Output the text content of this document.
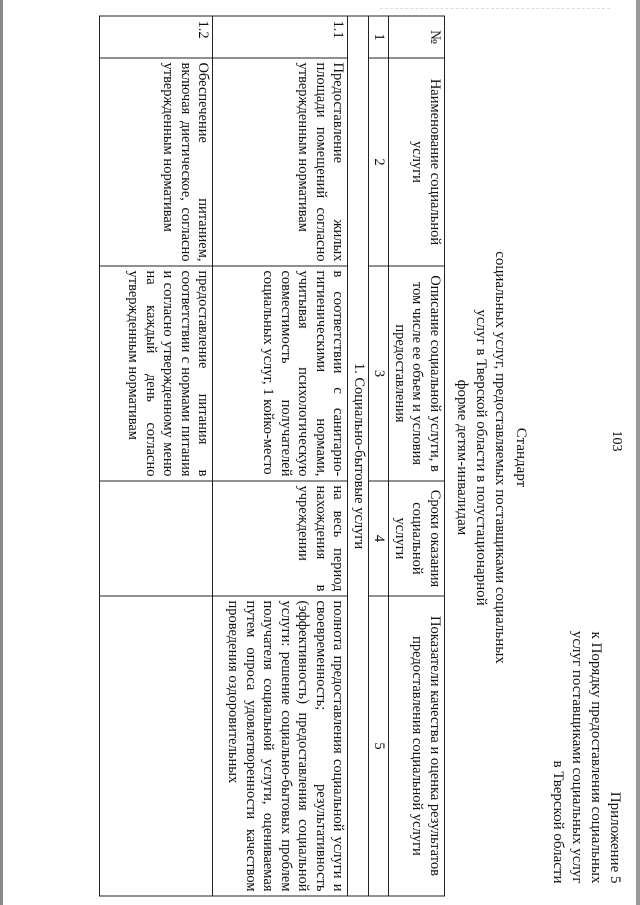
103
Приложение 5
к Порядку предоставления социальных
услуг поставщиками социальных услуг
в Тверской области
Стандарт
социальных услуг, предоставляемых поставщиками социальных
услуг в Тверской области в полустационарной
форме детям-инвалидам
№	Наименование социальной услуги	Описание социальной услуги, в том числе ее объем и условия предоставления	Сроки оказания социальной услуги	Показатели качества и оценка результатов предоставления социальной услуги
1	2	3	4	5
1. Социально-бытовые услуги				
1.1	Предоставление жилых площади помещений согласно утвержденным нормативам	в соответствии с санитарно-гигиеническими нормами, учитывая психологическую совместимость получателей социальных услуг, 1 койко-место	на весь период нахождения в учреждении	полнота предоставления социальной услуги и своевременность; результативность (эффективность) предоставления социальной услуги: решение социально-бытовых проблем получателя социальной услуги, оцениваемая путем опроса удовлетворенности качеством проведения оздоровительных
1.2	Обеспечение питанием, включая диетическое, согласно утвержденным нормативам	предоставление питания в соответствии с нормами питания и согласно утвержденному меню на каждый день согласно утвержденным нормативам		
